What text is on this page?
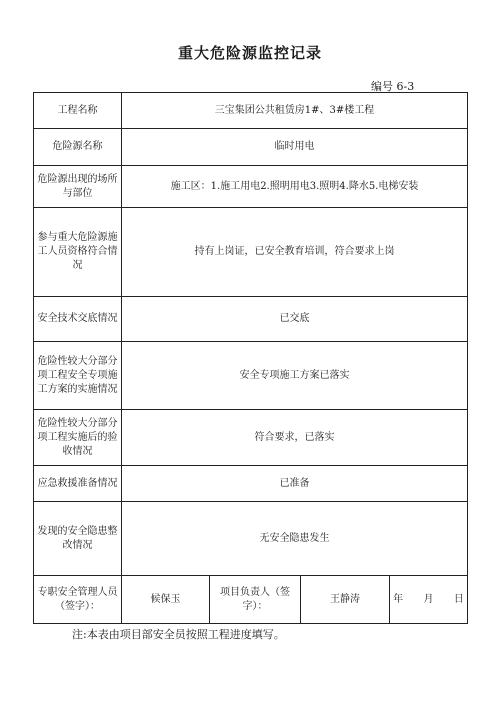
重大危险源监控记录
编号 6-3
工程名称	三宝集团公共租赁房1#、3#楼工程			
危险源名称	临时用电			
危险源出现的场所与部位	施工区：1.施工用电2.照明用电3.照明4.降水5.电梯安装			
参与重大危险源施工人员资格符合情况	持有上岗证，已安全教育培训，符合要求上岗			
安全技术交底情况	已交底			
危险性较大分部分项工程安全专项施工方案的实施情况	安全专项施工方案已落实			
危险性较大分部分项工程实施后的验收情况	符合要求，已落实			
应急救援准备情况	已准备			
发现的安全隐患整改情况	无安全隐患发生			
专职安全管理人员（签字）：	候保玉	项目负责人（签字）：	王静涛	年 月 日
注:本表由项目部安全员按照工程进度填写。
